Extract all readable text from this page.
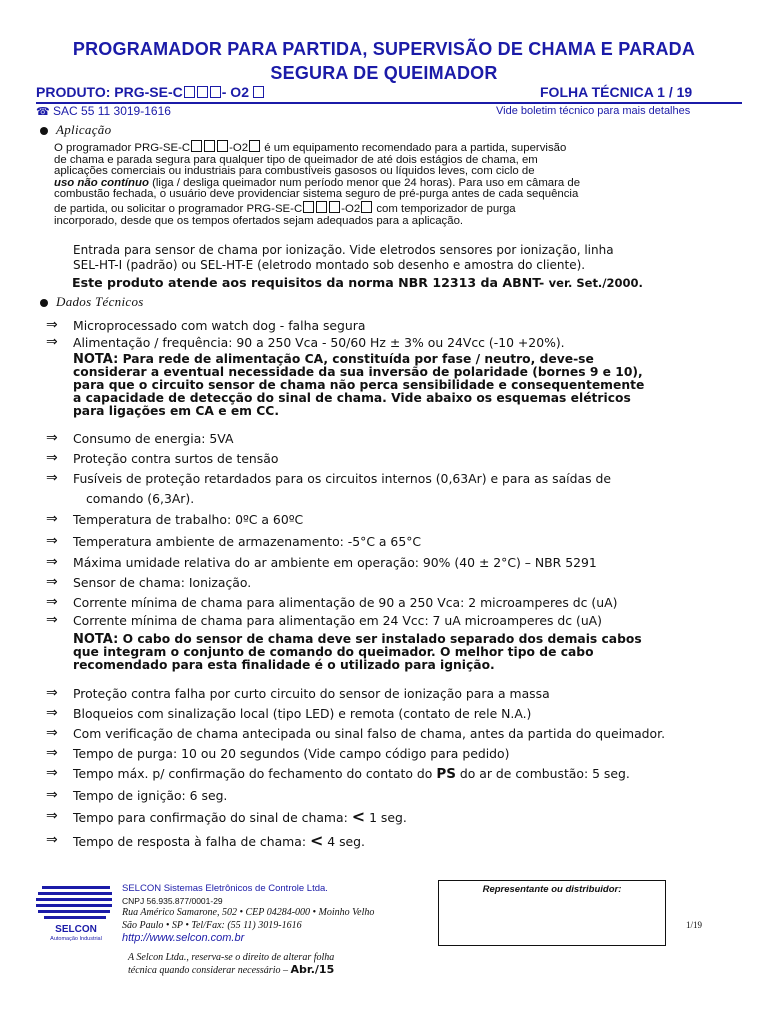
PROGRAMADOR PARA PARTIDA, SUPERVISÃO DE CHAMA E PARADA
SEGURA DE QUEIMADOR
PRODUTO: PRG-SE-C	- O2	FOLHA TÉCNICA 1 / 19
☎ SAC 55 11 3019-1616	Vide boletim técnico para mais detalhes
Aplicação
O programador PRG-SE-C	-O2 é um equipamento recomendado para a partida, supervisão
de chama e parada segura para qualquer tipo de queimador de até dois estágios de chama, em
aplicações comerciais ou industriais para combustíveis gasosos ou líquidos leves, com ciclo de
uso não contínuo (liga / desliga queimador num período menor que 24 horas). Para uso em câmara de
combustão fechada, o usuário deve providenciar sistema seguro de pré-purga antes de cada sequência
de partida, ou solicitar o programador PRG-SE-C	-O2 com temporizador de purga
incorporado, desde que os tempos ofertados sejam adequados para a aplicação.
Entrada para sensor de chama por ionização. Vide eletrodos sensores por ionização, linha
SEL-HT-I (padrão) ou SEL-HT-E (eletrodo montado sob desenho e amostra do cliente).
Este produto atende aos requisitos da norma NBR 12313 da ABNT- ver. Set./2000.
Dados Técnicos
⇒ Microprocessado com watch dog - falha segura
⇒ Alimentação / frequência: 90 a 250 Vca - 50/60 Hz ± 3% ou 24Vcc (-10 +20%).
NOTA: Para rede de alimentação CA, constituída por fase / neutro, deve-se
considerar a eventual necessidade da sua inversão de polaridade (bornes 9 e 10),
para que o circuito sensor de chama não perca sensibilidade e consequentemente
a capacidade de detecção do sinal de chama. Vide abaixo os esquemas elétricos
para ligações em CA e em CC.
⇒ Consumo de energia: 5VA
⇒ Proteção contra surtos de tensão
⇒ Fusíveis de proteção retardados para os circuitos internos (0,63Ar) e para as saídas de
comando (6,3Ar).
⇒ Temperatura de trabalho: 0ºC a 60ºC
⇒ Temperatura ambiente de armazenamento: -5°C a 65°C
⇒ Máxima umidade relativa do ar ambiente em operação: 90% (40 ± 2°C) – NBR 5291
⇒ Sensor de chama: Ionização.
⇒ Corrente mínima de chama para alimentação de 90 a 250 Vca: 2 microamperes dc (uA)
⇒ Corrente mínima de chama para alimentação em 24 Vcc: 7 uA microamperes dc (uA)
NOTA: O cabo do sensor de chama deve ser instalado separado dos demais cabos
que integram o conjunto de comando do queimador. O melhor tipo de cabo
recomendado para esta finalidade é o utilizado para ignição.
⇒ Proteção contra falha por curto circuito do sensor de ionização para a massa
⇒ Bloqueios com sinalização local (tipo LED) e remota (contato de rele N.A.)
⇒ Com verificação de chama antecipada ou sinal falso de chama, antes da partida do queimador.
⇒ Tempo de purga: 10 ou 20 segundos (Vide campo código para pedido)
⇒ Tempo máx. p/ confirmação do fechamento do contato do PS do ar de combustão: 5 seg.
⇒ Tempo de ignição: 6 seg.
⇒ Tempo para confirmação do sinal de chama: < 1 seg.
⇒ Tempo de resposta à falha de chama: < 4 seg.
SELCON
Automação Industrial
SELCON Sistemas Eletrônicos de Controle Ltda.
CNPJ 56.935.877/0001-29
Rua Américo Samarone, 502 • CEP 04284-000 • Moinho Velho
São Paulo • SP • Tel/Fax: (55 11) 3019-1616
http://www.selcon.com.br
Representante ou distribuidor:
1/19
A Selcon Ltda., reserva-se o direito de alterar folha
técnica quando considerar necessário – Abr./15
